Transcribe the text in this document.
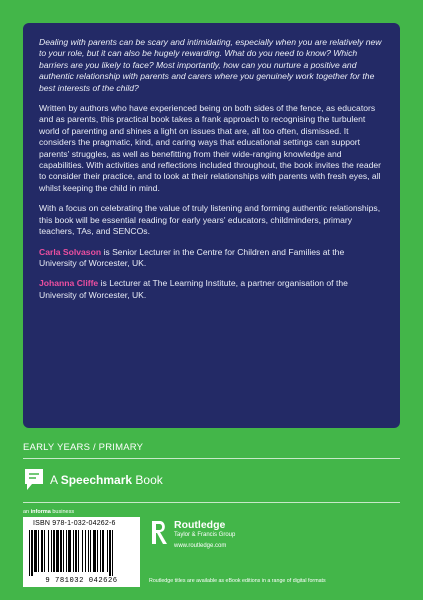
Dealing with parents can be scary and intimidating, especially when you are relatively new to your role, but it can also be hugely rewarding. What do you need to know? Which barriers are you likely to face? Most importantly, how can you nurture a positive and authentic relationship with parents and carers where you genuinely work together for the best interests of the child?

Written by authors who have experienced being on both sides of the fence, as educators and as parents, this practical book takes a frank approach to recognising the turbulent world of parenting and shines a light on issues that are, all too often, dismissed. It considers the pragmatic, kind, and caring ways that educational settings can support parents' struggles, as well as benefitting from their wide-ranging knowledge and capabilities. With activities and reflections included throughout, the book invites the reader to consider their practice, and to look at their relationships with parents with fresh eyes, all whilst keeping the child in mind.

With a focus on celebrating the value of truly listening and forming authentic relationships, this book will be essential reading for early years' educators, childminders, primary teachers, TAs, and SENCOs.

Carla Solvason is Senior Lecturer in the Centre for Children and Families at the University of Worcester, UK.

Johanna Cliffe is Lecturer at The Learning Institute, a partner organisation of the University of Worcester, UK.

EARLY YEARS / PRIMARY
A Speechmark Book
an informa business
ISBN 978-1-032-04262-6
9 781032 042626
Routledge
Taylor & Francis Group
www.routledge.com
Routledge titles are available as eBook editions in a range of digital formats
